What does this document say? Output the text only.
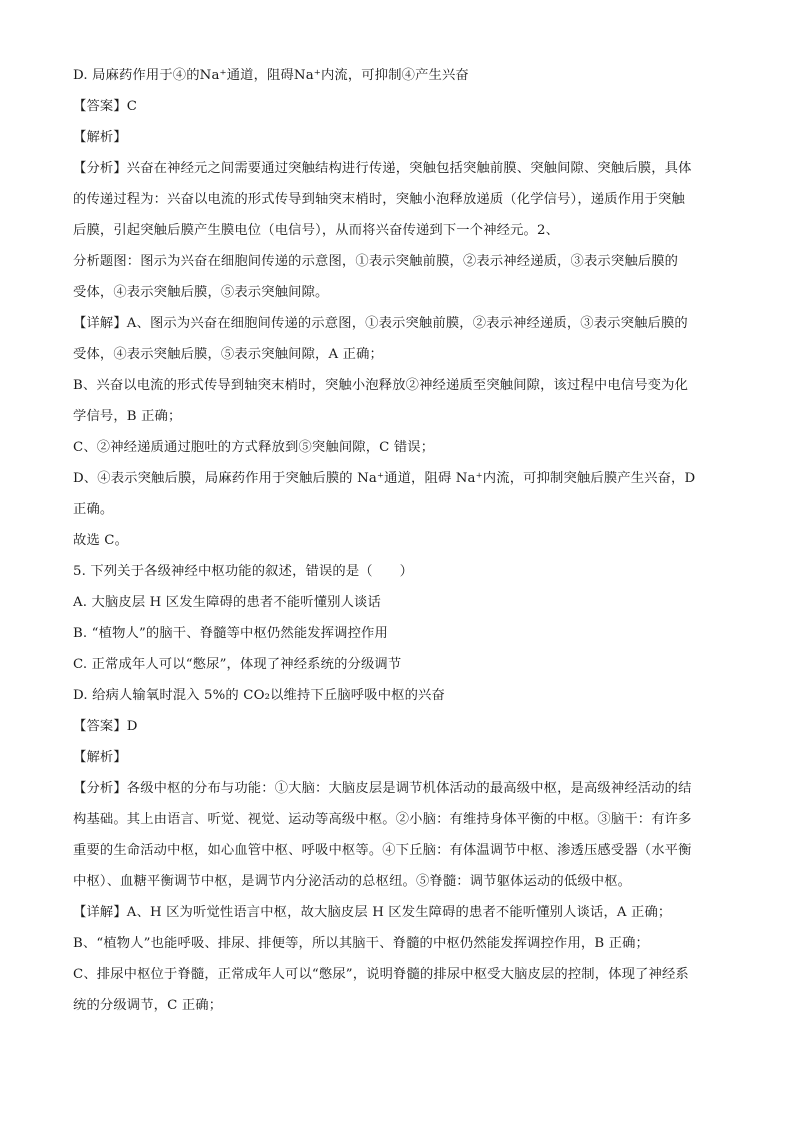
D. 局麻药作用于④的Na⁺通道，阻碍Na⁺内流，可抑制④产生兴奋
【答案】C
【解析】
【分析】兴奋在神经元之间需要通过突触结构进行传递，突触包括突触前膜、突触间隙、突触后膜，具体
的传递过程为：兴奋以电流的形式传导到轴突末梢时，突触小泡释放递质（化学信号），递质作用于突触
后膜，引起突触后膜产生膜电位（电信号），从而将兴奋传递到下一个神经元。2、
分析题图：图示为兴奋在细胞间传递的示意图，①表示突触前膜，②表示神经递质，③表示突触后膜的
受体，④表示突触后膜，⑤表示突触间隙。
【详解】A、图示为兴奋在细胞间传递的示意图，①表示突触前膜，②表示神经递质，③表示突触后膜的
受体，④表示突触后膜，⑤表示突触间隙，A 正确；
B、兴奋以电流的形式传导到轴突末梢时，突触小泡释放②神经递质至突触间隙，该过程中电信号变为化
学信号，B 正确；
C、②神经递质通过胞吐的方式释放到⑤突触间隙，C 错误；
D、④表示突触后膜，局麻药作用于突触后膜的 Na⁺通道，阻碍 Na⁺内流，可抑制突触后膜产生兴奋，D
正确。
故选 C。
5. 下列关于各级神经中枢功能的叙述，错误的是（　　）
A. 大脑皮层 H 区发生障碍的患者不能听懂别人谈话
B. “植物人”的脑干、脊髓等中枢仍然能发挥调控作用
C. 正常成年人可以“憋尿”，体现了神经系统的分级调节
D. 给病人输氧时混入 5%的 CO₂以维持下丘脑呼吸中枢的兴奋
【答案】D
【解析】
【分析】各级中枢的分布与功能：①大脑：大脑皮层是调节机体活动的最高级中枢，是高级神经活动的结
构基础。其上由语言、听觉、视觉、运动等高级中枢。②小脑：有维持身体平衡的中枢。③脑干：有许多
重要的生命活动中枢，如心血管中枢、呼吸中枢等。④下丘脑：有体温调节中枢、渗透压感受器（水平衡
中枢）、血糖平衡调节中枢，是调节内分泌活动的总枢纽。⑤脊髓：调节躯体运动的低级中枢。
【详解】A、H 区为听觉性语言中枢，故大脑皮层 H 区发生障碍的患者不能听懂别人谈话，A 正确；
B、“植物人”也能呼吸、排尿、排便等，所以其脑干、脊髓的中枢仍然能发挥调控作用，B 正确；
C、排尿中枢位于脊髓，正常成年人可以“憋尿”，说明脊髓的排尿中枢受大脑皮层的控制，体现了神经系
统的分级调节，C 正确；
